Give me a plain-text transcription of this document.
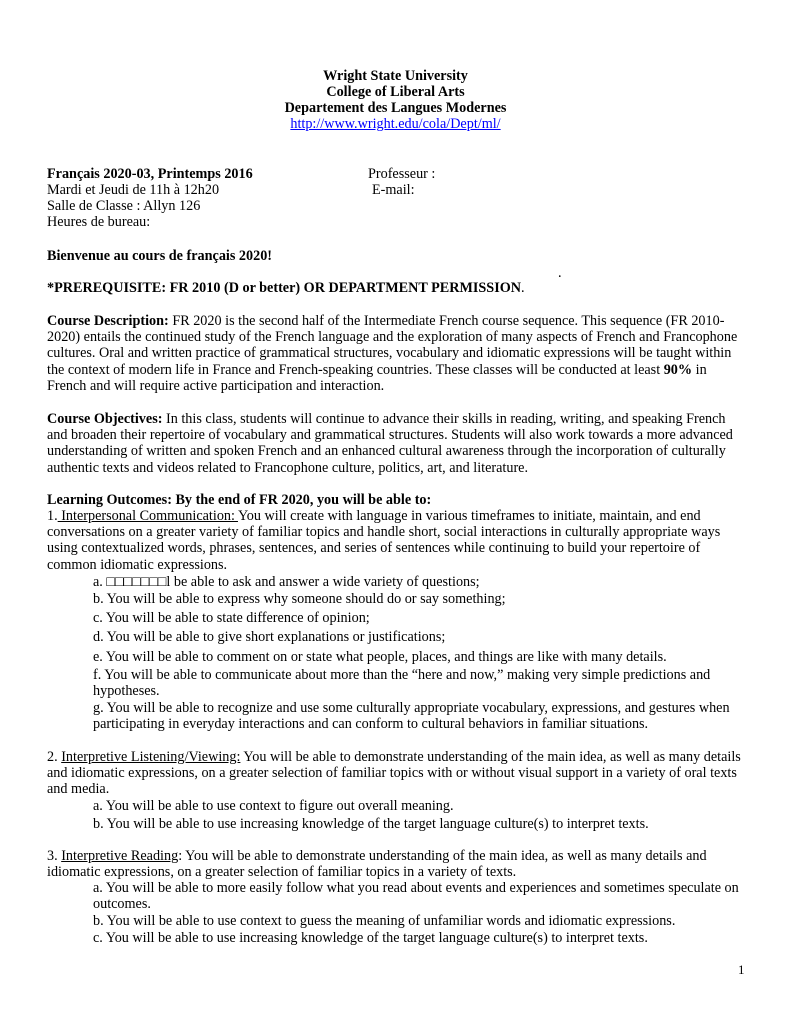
Wright State University
College of Liberal Arts
Departement des Langues Modernes
http://www.wright.edu/cola/Dept/ml/
Français 2020-03, Printemps 2016
Mardi et Jeudi de 11h à 12h20
Salle de Classe : Allyn 126
Heures de bureau:
Professeur :
E-mail:
Bienvenue au cours de français 2020!
.
*PREREQUISITE: FR 2010 (D or better) OR DEPARTMENT PERMISSION.
Course Description: FR 2020 is the second half of the Intermediate French course sequence. This sequence (FR 2010-2020) entails the continued study of the French language and the exploration of many aspects of French and Francophone cultures. Oral and written practice of grammatical structures, vocabulary and idiomatic expressions will be taught within the context of modern life in France and French-speaking countries. These classes will be conducted at least 90% in French and will require active participation and interaction.
Course Objectives: In this class, students will continue to advance their skills in reading, writing, and speaking French and broaden their repertoire of vocabulary and grammatical structures. Students will also work towards a more advanced understanding of written and spoken French and an enhanced cultural awareness through the incorporation of culturally authentic texts and videos related to Francophone culture, politics, art, and literature.
Learning Outcomes: By the end of FR 2020, you will be able to:
1. Interpersonal Communication: You will create with language in various timeframes to initiate, maintain, and end conversations on a greater variety of familiar topics and handle short, social interactions in culturally appropriate ways using contextualized words, phrases, sentences, and series of sentences while continuing to build your repertoire of common idiomatic expressions.
a. □□□□□□□l be able to ask and answer a wide variety of questions;
b. You will be able to express why someone should do or say something;
c. You will be able to state difference of opinion;
d. You will be able to give short explanations or justifications;
e. You will be able to comment on or state what people, places, and things are like with many details.
f. You will be able to communicate about more than the “here and now,” making very simple predictions and hypotheses.
g. You will be able to recognize and use some culturally appropriate vocabulary, expressions, and gestures when participating in everyday interactions and can conform to cultural behaviors in familiar situations.
2. Interpretive Listening/Viewing: You will be able to demonstrate understanding of the main idea, as well as many details and idiomatic expressions, on a greater selection of familiar topics with or without visual support in a variety of oral texts and media.
a. You will be able to use context to figure out overall meaning.
b. You will be able to use increasing knowledge of the target language culture(s) to interpret texts.
3. Interpretive Reading: You will be able to demonstrate understanding of the main idea, as well as many details and idiomatic expressions, on a greater selection of familiar topics in a variety of texts.
a. You will be able to more easily follow what you read about events and experiences and sometimes speculate on outcomes.
b. You will be able to use context to guess the meaning of unfamiliar words and idiomatic expressions.
c. You will be able to use increasing knowledge of the target language culture(s) to interpret texts.
1
